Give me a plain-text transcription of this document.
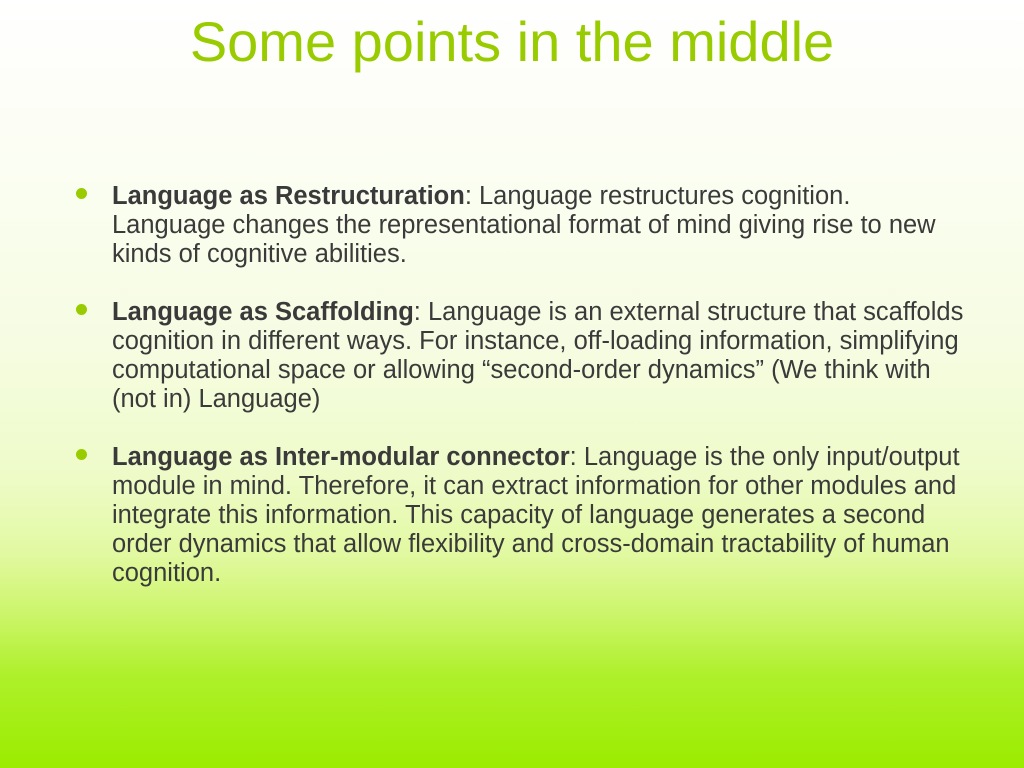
Some points in the middle
Language as Restructuration: Language restructures cognition. Language changes the representational format of mind giving rise to new kinds of cognitive abilities.
Language as Scaffolding: Language is an external structure that scaffolds cognition in different ways. For instance, off-loading information, simplifying computational space or allowing “second-order dynamics” (We think with (not in) Language)
Language as Inter-modular connector: Language is the only input/output module in mind. Therefore, it can extract information for other modules and integrate this information. This capacity of language generates a second order dynamics that allow flexibility and cross-domain tractability of human cognition.
